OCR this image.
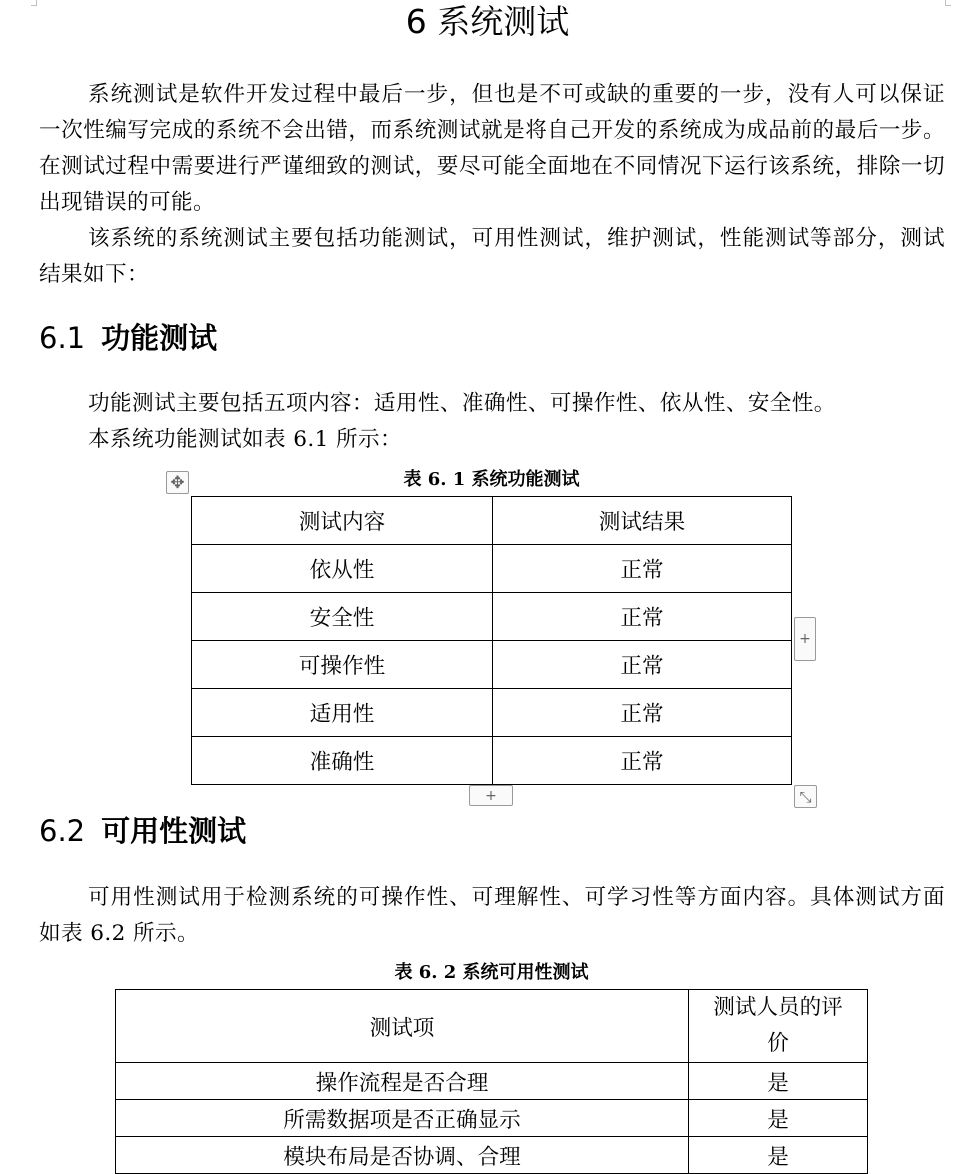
6 系统测试

系统测试是软件开发过程中最后一步，但也是不可或缺的重要的一步，没有人可以保证一次性编写完成的系统不会出错，而系统测试就是将自己开发的系统成为成品前的最后一步。在测试过程中需要进行严谨细致的测试，要尽可能全面地在不同情况下运行该系统，排除一切出现错误的可能。

该系统的系统测试主要包括功能测试，可用性测试，维护测试，性能测试等部分，测试结果如下：

6.1 功能测试

功能测试主要包括五项内容：适用性、准确性、可操作性、依从性、安全性。

本系统功能测试如表 6.1 所示：

✥	表 6. 1 系统功能测试

测试内容	测试结果
依从性	正常
安全性	正常
可操作性	正常
适用性	正常
准确性	正常
+
+	⤡
6.2 可用性测试

可用性测试用于检测系统的可操作性、可理解性、可学习性等方面内容。具体测试方面如表 6.2 所示。

表 6. 2 系统可用性测试

测试项	测试人员的评价
操作流程是否合理	是
所需数据项是否正确显示	是
模块布局是否协调、合理	是
